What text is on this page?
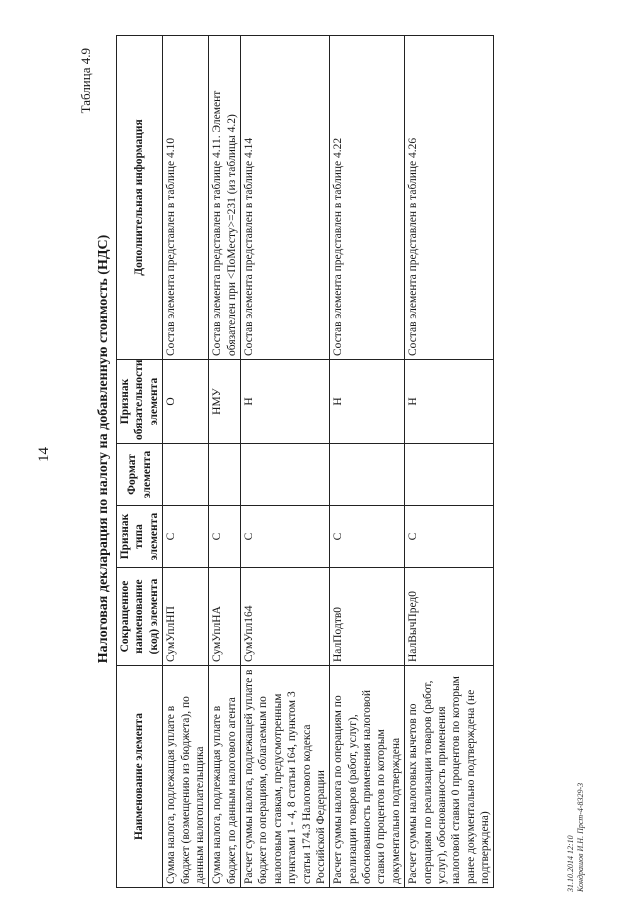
14
Таблица 4.9
Налоговая декларация по налогу на добавленную стоимость (НДС)
Наименование элемента	Сокращенное наименование (код) элемента	Признак типа элемента	Формат элемента	Признак обязательности элемента	Дополнительная информация
Сумма налога, подлежащая уплате в бюджет (возмещению из бюджета), по данным налогоплательщика	СумУплНП	С		О	Состав элемента представлен в таблице 4.10
Сумма налога, подлежащая уплате в бюджет, по данным налогового агента	СумУплНА	С		НМУ	Состав элемента представлен в таблице 4.11. Элемент обязателен при <ПоМесту>=231 (из таблицы 4.2)
Расчет суммы налога, подлежащей уплате в бюджет по операциям, облагаемым по налоговым ставкам, предусмотренным пунктами 1 - 4, 8 статьи 164, пунктом 3 статьи 174.3 Налогового кодекса Российской Федерации	СумУпл164	С		Н	Состав элемента представлен в таблице 4.14
Расчет суммы налога по операциям по реализации товаров (работ, услуг), обоснованность применения налоговой ставки 0 процентов по которым документально подтверждена	НалПодтв0	С		Н	Состав элемента представлен в таблице 4.22
Расчет суммы налоговых вычетов по операциям по реализации товаров (работ, услуг), обоснованность применения налоговой ставки 0 процентов по которым ранее документально подтверждена (не подтверждена)	НалВычПред0	С		Н	Состав элемента представлен в таблице 4.26
31.10.2014 12:10 Кондрашов И.Н. Прст-4-8329-3
